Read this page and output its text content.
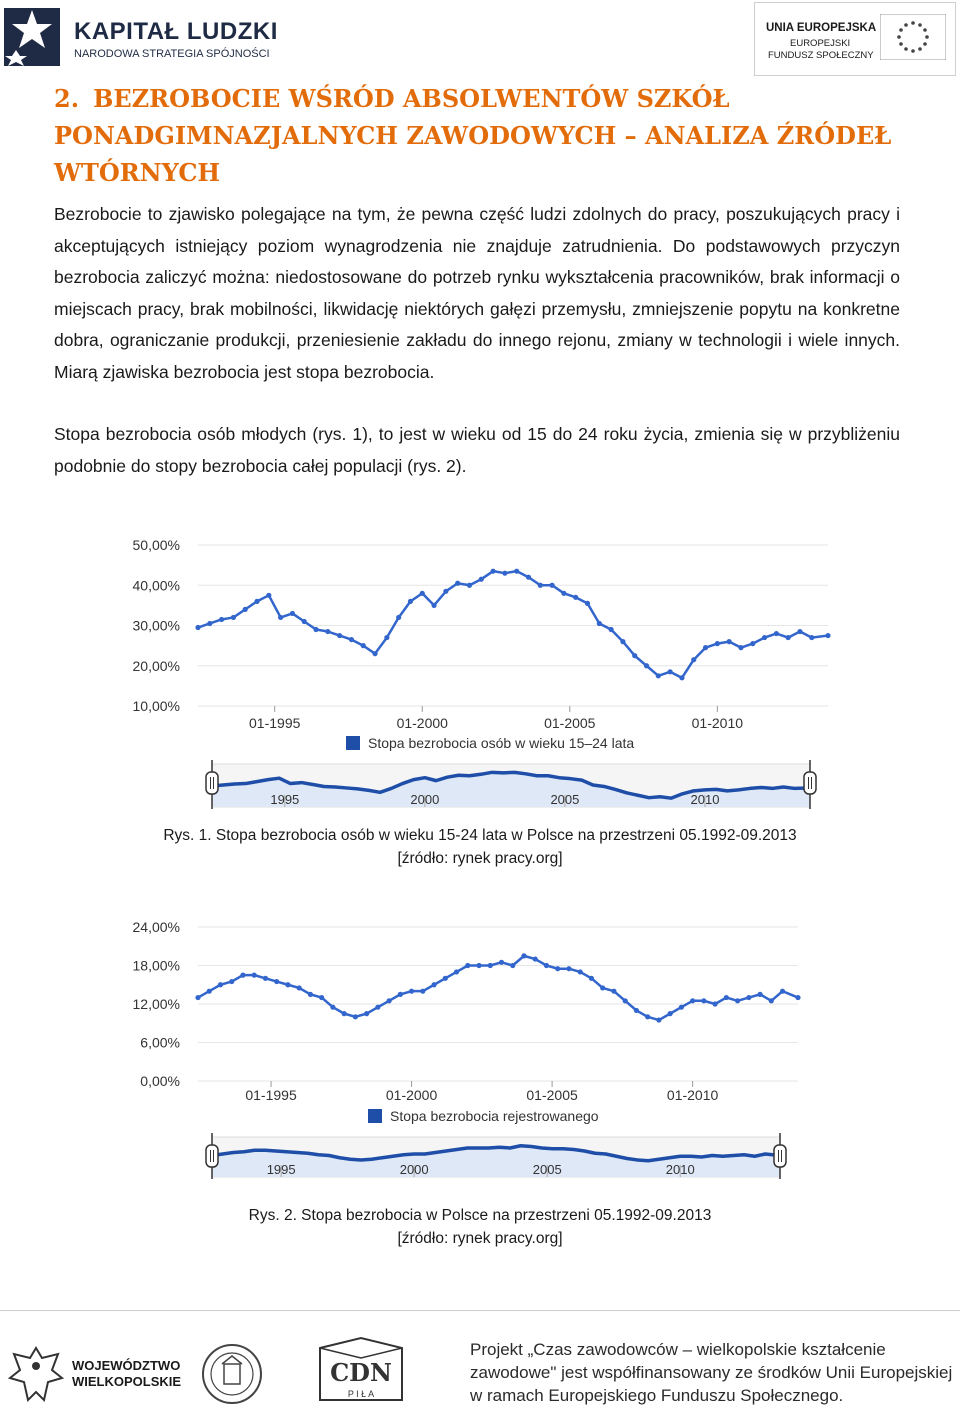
KAPITAŁ LUDZKI
NARODOWA STRATEGIA SPÓJNOŚCI
UNIA EUROPEJSKA
EUROPEJSKI
FUNDUSZ SPOŁECZNY
2. BEZROBOCIE WŚRÓD ABSOLWENTÓW SZKÓŁ PONADGIMNAZJALNYCH ZAWODOWYCH – ANALIZA ŹRÓDEŁ WTÓRNYCH
Bezrobocie to zjawisko polegające na tym, że pewna część ludzi zdolnych do pracy, poszukujących pracy i akceptujących istniejący poziom wynagrodzenia nie znajduje zatrudnienia. Do podstawowych przyczyn bezrobocia zaliczyć można: niedostosowane do potrzeb rynku wykształcenia pracowników, brak informacji o miejscach pracy, brak mobilności, likwidację niektórych gałęzi przemysłu, zmniejszenie popytu na konkretne dobra, ograniczanie produkcji, przeniesienie zakładu do innego rejonu, zmiany w technologii i wiele innych. Miarą zjawiska bezrobocia jest stopa bezrobocia.
Stopa bezrobocia osób młodych (rys. 1), to jest w wieku od 15 do 24 roku życia, zmienia się w przybliżeniu podobnie do stopy bezrobocia całej populacji (rys. 2).
50,00%
40,00%
30,00%
20,00%
10,00%
01-1995	01-2000	01-2005	01-2010
Stopa bezrobocia osób w wieku 15–24 lata
1995	2000	2005	2010
Rys. 1. Stopa bezrobocia osób w wieku 15-24 lata w Polsce na przestrzeni 05.1992-09.2013
[źródło: rynek pracy.org]
24,00%
18,00%
12,00%
6,00%
0,00%
01-1995	01-2000	01-2005	01-2010
Stopa bezrobocia rejestrowanego
1995	2000	2005	2010
Rys. 2. Stopa bezrobocia w Polsce na przestrzeni 05.1992-09.2013
[źródło: rynek pracy.org]
WOJEWÓDZTWO
WIELKOPOLSKIE	CDN
P I Ł A
Projekt „Czas zawodowców – wielkopolskie kształcenie zawodowe" jest współfinansowany ze środków Unii Europejskiej w ramach Europejskiego Funduszu Społecznego.
